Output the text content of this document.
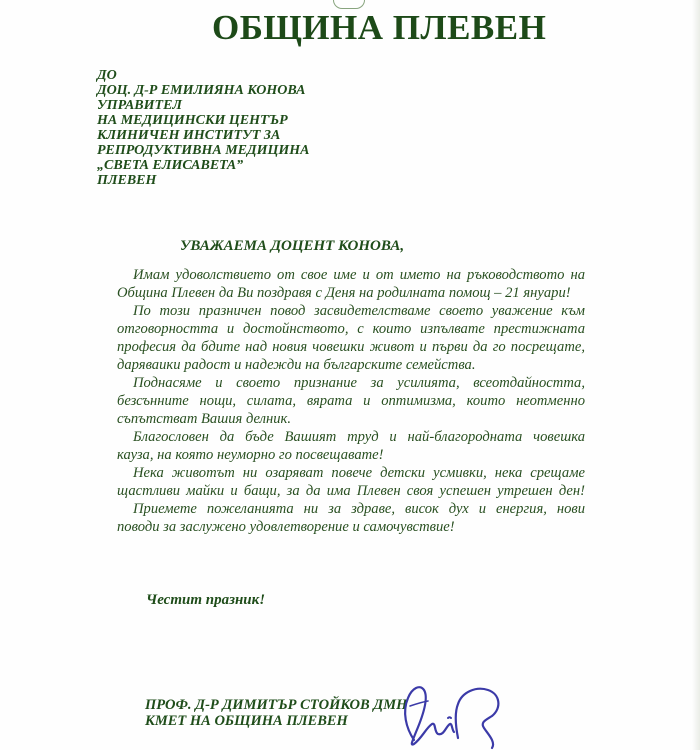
ОБЩИНА ПЛЕВЕН
ДО
ДОЦ. Д-Р ЕМИЛИЯНА КОНОВА
УПРАВИТЕЛ
НА МЕДИЦИНСКИ ЦЕНТЪР
КЛИНИЧЕН ИНСТИТУТ ЗА
РЕПРОДУКТИВНА МЕДИЦИНА
„СВЕТА ЕЛИСАВЕТА”
ПЛЕВЕН
УВАЖАЕМА ДОЦЕНТ КОНОВА,
Имам удоволствието от свое име и от името на ръководството на
Община Плевен да Ви поздравя с Деня на родилната помощ – 21 януари!
По този празничен повод засвидетелстваме своето уважение към
отговорността и достойнството, с които изпълвате престижната
професия да бдите над новия човешки живот и първи да го посрещате,
даряваики радост и надежди на българските семейства.
Поднасяме и своето признание за усилията, всеотдайността,
безсънните нощи, силата, вярата и оптимизма, които неотменно
съпътстват Вашия делник.
Благословен да бъде Вашият труд и най-благородната човешка
кауза, на която неуморно го посвещавате!
Нека животът ни озаряват повече детски усмивки, нека срещаме
щастливи майки и бащи, за да има Плевен своя успешен утрешен ден!
Приемете пожеланията ни за здраве, висок дух и енергия, нови
поводи за заслужено удовлетворение и самочувствие!
Честит празник!
ПРОФ. Д-Р ДИМИТЪР СТОЙКОВ ДМН
КМЕТ НА ОБЩИНА ПЛЕВЕН
